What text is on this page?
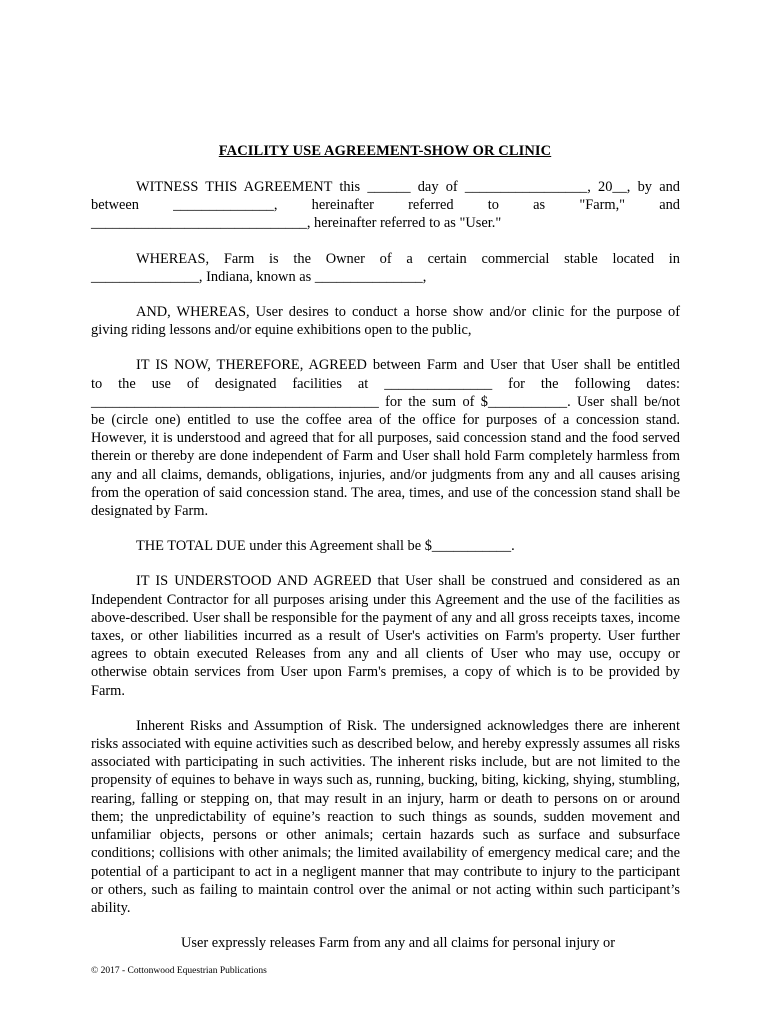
FACILITY USE AGREEMENT-SHOW OR CLINIC
WITNESS THIS AGREEMENT this ______ day of _________________, 20__, by and
between ______________, hereinafter referred to as "Farm," and
______________________________, hereinafter referred to as "User."
WHEREAS, Farm is the Owner of a certain commercial stable located in
_______________, Indiana, known as _______________,
AND, WHEREAS, User desires to conduct a horse show and/or clinic for the purpose of giving riding lessons and/or equine exhibitions open to the public,
IT IS NOW, THEREFORE, AGREED between Farm and User that User shall be entitled
to the use of designated facilities at _______________ for the following dates:
________________________________________ for the sum of $___________. User shall be/not
be (circle one) entitled to use the coffee area of the office for purposes of a concession stand. However, it is understood and agreed that for all purposes, said concession stand and the food served therein or thereby are done independent of Farm and User shall hold Farm completely harmless from any and all claims, demands, obligations, injuries, and/or judgments from any and all causes arising from the operation of said concession stand. The area, times, and use of the concession stand shall be designated by Farm.
THE TOTAL DUE under this Agreement shall be $___________.
IT IS UNDERSTOOD AND AGREED that User shall be construed and considered as an Independent Contractor for all purposes arising under this Agreement and the use of the facilities as above-described. User shall be responsible for the payment of any and all gross receipts taxes, income taxes, or other liabilities incurred as a result of User's activities on Farm's property. User further agrees to obtain executed Releases from any and all clients of User who may use, occupy or otherwise obtain services from User upon Farm's premises, a copy of which is to be provided by Farm.
Inherent Risks and Assumption of Risk. The undersigned acknowledges there are inherent risks associated with equine activities such as described below, and hereby expressly assumes all risks associated with participating in such activities. The inherent risks include, but are not limited to the propensity of equines to behave in ways such as, running, bucking, biting, kicking, shying, stumbling, rearing, falling or stepping on, that may result in an injury, harm or death to persons on or around them; the unpredictability of equine’s reaction to such things as sounds, sudden movement and unfamiliar objects, persons or other animals; certain hazards such as surface and subsurface conditions; collisions with other animals; the limited availability of emergency medical care; and the potential of a participant to act in a negligent manner that may contribute to injury to the participant or others, such as failing to maintain control over the animal or not acting within such participant’s ability.
User expressly releases Farm from any and all claims for personal injury or
© 2017 - Cottonwood Equestrian Publications
